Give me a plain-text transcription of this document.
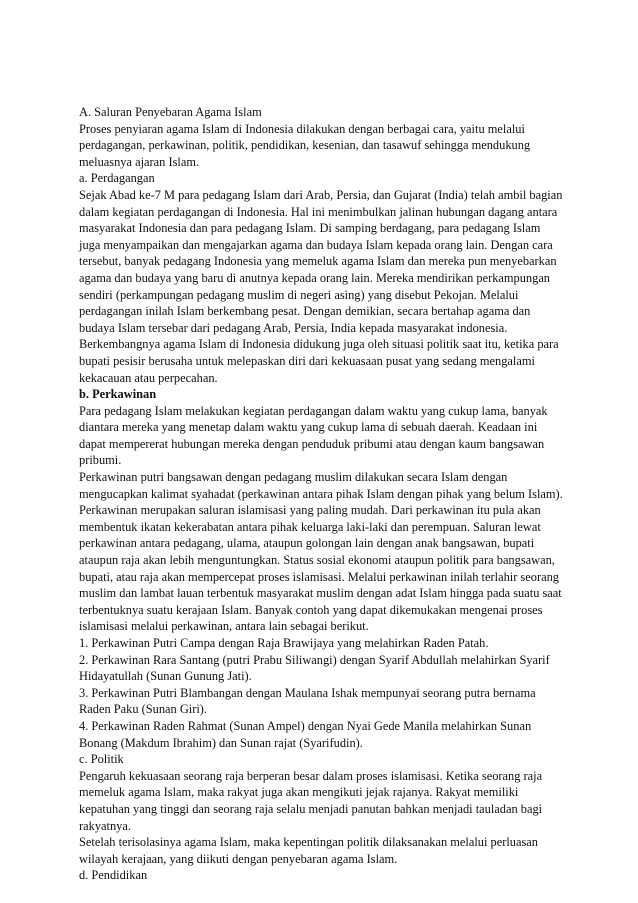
A. Saluran Penyebaran Agama Islam

Proses penyiaran agama Islam di Indonesia dilakukan dengan berbagai cara, yaitu melalui perdagangan, perkawinan, politik, pendidikan, kesenian, dan tasawuf sehingga mendukung meluasnya ajaran Islam.

a. Perdagangan

Sejak Abad ke-7 M para pedagang Islam dari Arab, Persia, dan Gujarat (India) telah ambil bagian dalam kegiatan perdagangan di Indonesia. Hal ini menimbulkan jalinan hubungan dagang antara masyarakat Indonesia dan para pedagang Islam. Di samping berdagang, para pedagang Islam juga menyampaikan dan mengajarkan agama dan budaya Islam kepada orang lain. Dengan cara tersebut, banyak pedagang Indonesia yang memeluk agama Islam dan mereka pun menyebarkan agama dan budaya yang baru di anutnya kepada orang lain. Mereka mendirikan perkampungan sendiri (perkampungan pedagang muslim di negeri asing) yang disebut Pekojan. Melalui perdagangan inilah Islam berkembang pesat. Dengan demikian, secara bertahap agama dan budaya Islam tersebar dari pedagang Arab, Persia, India kepada masyarakat indonesia. Berkembangnya agama Islam di Indonesia didukung juga oleh situasi politik saat itu, ketika para bupati pesisir berusaha untuk melepaskan diri dari kekuasaan pusat yang sedang mengalami kekacauan atau perpecahan.

b. Perkawinan

Para pedagang Islam melakukan kegiatan perdagangan dalam waktu yang cukup lama, banyak diantara mereka yang menetap dalam waktu yang cukup lama di sebuah daerah. Keadaan ini dapat mempererat hubungan mereka dengan penduduk pribumi atau dengan kaum bangsawan pribumi.

Perkawinan putri bangsawan dengan pedagang muslim dilakukan secara Islam dengan mengucapkan kalimat syahadat (perkawinan antara pihak Islam dengan pihak yang belum Islam). Perkawinan merupakan saluran islamisasi yang paling mudah. Dari perkawinan itu pula akan membentuk ikatan kekerabatan antara pihak keluarga laki-laki dan perempuan. Saluran lewat perkawinan antara pedagang, ulama, ataupun golongan lain dengan anak bangsawan, bupati ataupun raja akan lebih menguntungkan. Status sosial ekonomi ataupun politik para bangsawan, bupati, atau raja akan mempercepat proses islamisasi. Melalui perkawinan inilah terlahir seorang muslim dan lambat lauan terbentuk masyarakat muslim dengan adat Islam hingga pada suatu saat terbentuknya suatu kerajaan Islam. Banyak contoh yang dapat dikemukakan mengenai proses islamisasi melalui perkawinan, antara lain sebagai berikut.

1. Perkawinan Putri Campa dengan Raja Brawijaya yang melahirkan Raden Patah.

2. Perkawinan Rara Santang (putri Prabu Siliwangi) dengan Syarif Abdullah melahirkan Syarif Hidayatullah (Sunan Gunung Jati).

3. Perkawinan Putri Blambangan dengan Maulana Ishak mempunyai seorang putra bernama Raden Paku (Sunan Giri).

4. Perkawinan Raden Rahmat (Sunan Ampel) dengan Nyai Gede Manila melahirkan Sunan Bonang (Makdum Ibrahim) dan Sunan rajat (Syarifudin).

c. Politik

Pengaruh kekuasaan seorang raja berperan besar dalam proses islamisasi. Ketika seorang raja memeluk agama Islam, maka rakyat juga akan mengikuti jejak rajanya. Rakyat memiliki kepatuhan yang tinggi dan seorang raja selalu menjadi panutan bahkan menjadi tauladan bagi rakyatnya.

Setelah terisolasinya agama Islam, maka kepentingan politik dilaksanakan melalui perluasan wilayah kerajaan, yang diikuti dengan penyebaran agama Islam.

d. Pendidikan
